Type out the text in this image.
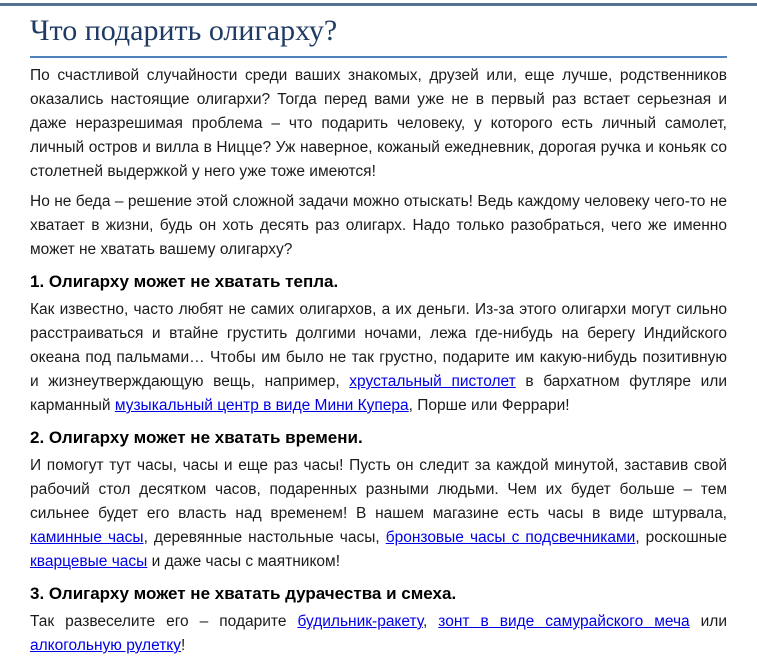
Что подарить олигарху?

По счастливой случайности среди ваших знакомых, друзей или, еще лучше, родственников оказались настоящие олигархи? Тогда перед вами уже не в первый раз встает серьезная и даже неразрешимая проблема – что подарить человеку, у которого есть личный самолет, личный остров и вилла в Ницце? Уж наверное, кожаный ежедневник, дорогая ручка и коньяк со столетней выдержкой у него уже тоже имеются!

Но не беда – решение этой сложной задачи можно отыскать! Ведь каждому человеку чего-то не хватает в жизни, будь он хоть десять раз олигарх. Надо только разобраться, чего же именно может не хватать вашему олигарху?

1. Олигарху может не хватать тепла.

Как известно, часто любят не самих олигархов, а их деньги. Из-за этого олигархи могут сильно расстраиваться и втайне грустить долгими ночами, лежа где-нибудь на берегу Индийского океана под пальмами… Чтобы им было не так грустно, подарите им какую-нибудь позитивную и жизнеутверждающую вещь, например, хрустальный пистолет в бархатном футляре или карманный музыкальный центр в виде Мини Купера, Порше или Феррари!

2. Олигарху может не хватать времени.

И помогут тут часы, часы и еще раз часы! Пусть он следит за каждой минутой, заставив свой рабочий стол десятком часов, подаренных разными людьми. Чем их будет больше – тем сильнее будет его власть над временем! В нашем магазине есть часы в виде штурвала, каминные часы, деревянные настольные часы, бронзовые часы с подсвечниками, роскошные кварцевые часы и даже часы с маятником!

3. Олигарху может не хватать дурачества и смеха.

Так развеселите его – подарите будильник-ракету, зонт в виде самурайского меча или алкогольную рулетку!
